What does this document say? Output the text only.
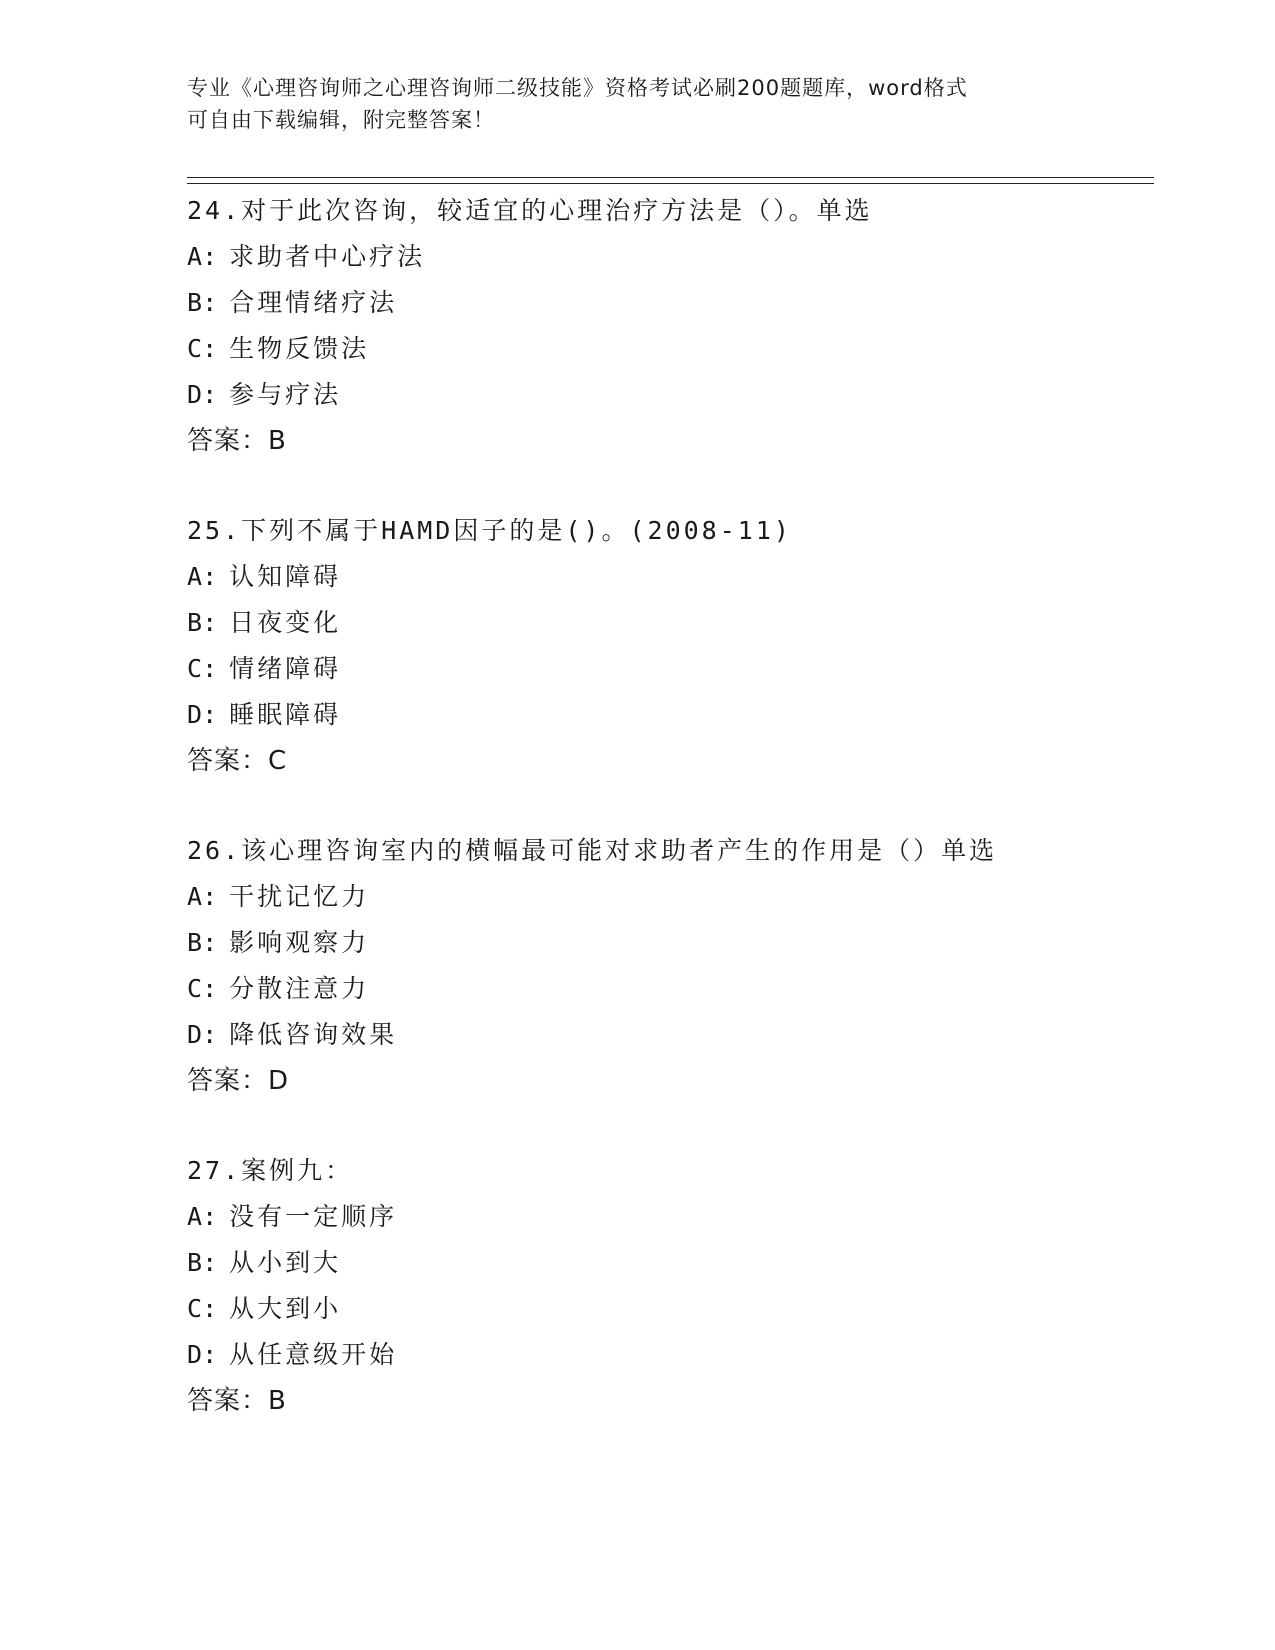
专业《心理咨询师之心理咨询师二级技能》资格考试必刷200题题库，word格式
可自由下载编辑，附完整答案！
24.对于此次咨询，较适宜的心理治疗方法是（）。单选
A: 求助者中心疗法
B: 合理情绪疗法
C: 生物反馈法
D: 参与疗法
答案：B
25.下列不属于HAMD因子的是()。(2008-11)
A: 认知障碍
B: 日夜变化
C: 情绪障碍
D: 睡眠障碍
答案：C
26.该心理咨询室内的横幅最可能对求助者产生的作用是（）单选
A: 干扰记忆力
B: 影响观察力
C: 分散注意力
D: 降低咨询效果
答案：D
27.案例九：
A: 没有一定顺序
B: 从小到大
C: 从大到小
D: 从任意级开始
答案：B
